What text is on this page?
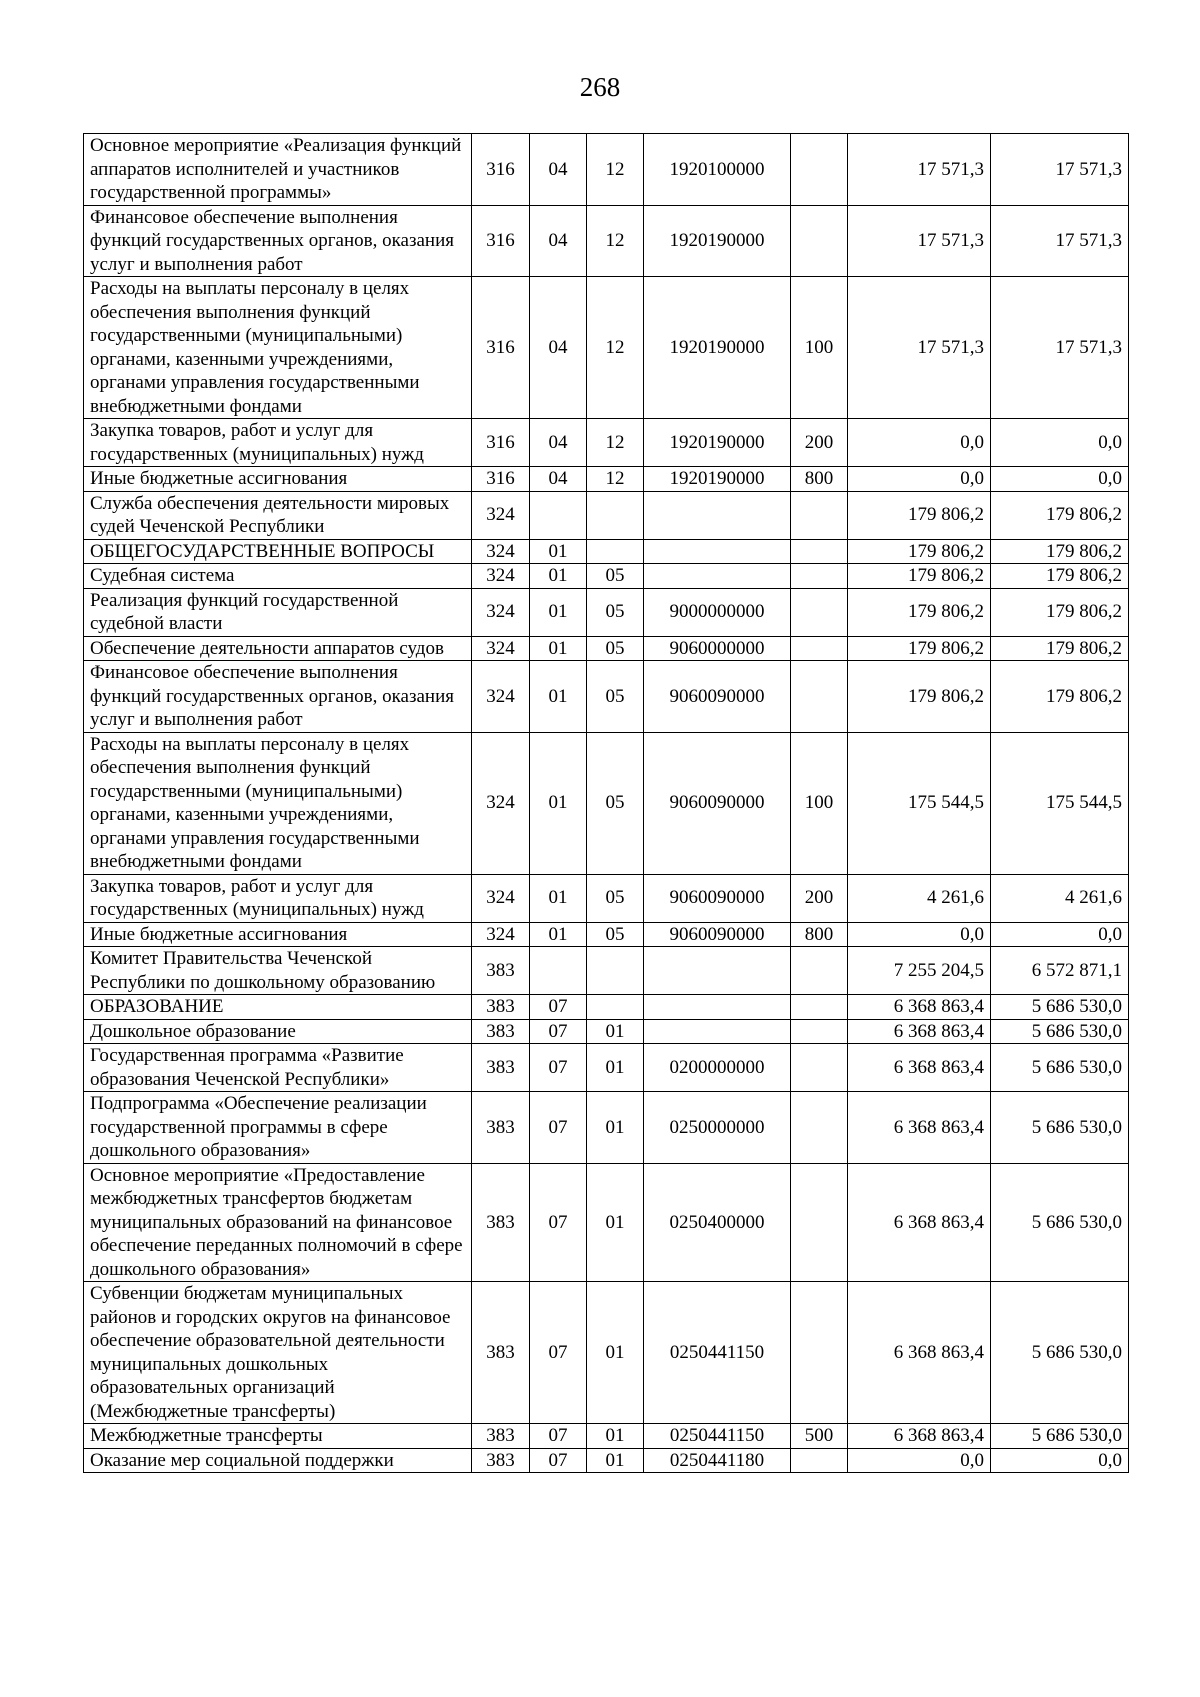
268
Основное мероприятие «Реализация функций аппаратов исполнителей и участников государственной программы»	316	04	12	1920100000		17 571,3	17 571,3
Финансовое обеспечение выполнения функций государственных органов, оказания услуг и выполнения работ	316	04	12	1920190000		17 571,3	17 571,3
Расходы на выплаты персоналу в целях обеспечения выполнения функций государственными (муниципальными) органами, казенными учреждениями, органами управления государственными внебюджетными фондами	316	04	12	1920190000	100	17 571,3	17 571,3
Закупка товаров, работ и услуг для государственных (муниципальных) нужд	316	04	12	1920190000	200	0,0	0,0
Иные бюджетные ассигнования	316	04	12	1920190000	800	0,0	0,0
Служба обеспечения деятельности мировых судей Чеченской Республики	324					179 806,2	179 806,2
ОБЩЕГОСУДАРСТВЕННЫЕ ВОПРОСЫ	324	01				179 806,2	179 806,2
Судебная система	324	01	05			179 806,2	179 806,2
Реализация функций государственной судебной власти	324	01	05	9000000000		179 806,2	179 806,2
Обеспечение деятельности аппаратов судов	324	01	05	9060000000		179 806,2	179 806,2
Финансовое обеспечение выполнения функций государственных органов, оказания услуг и выполнения работ	324	01	05	9060090000		179 806,2	179 806,2
Расходы на выплаты персоналу в целях обеспечения выполнения функций государственными (муниципальными) органами, казенными учреждениями, органами управления государственными внебюджетными фондами	324	01	05	9060090000	100	175 544,5	175 544,5
Закупка товаров, работ и услуг для государственных (муниципальных) нужд	324	01	05	9060090000	200	4 261,6	4 261,6
Иные бюджетные ассигнования	324	01	05	9060090000	800	0,0	0,0
Комитет Правительства Чеченской Республики по дошкольному образованию	383					7 255 204,5	6 572 871,1
ОБРАЗОВАНИЕ	383	07				6 368 863,4	5 686 530,0
Дошкольное образование	383	07	01			6 368 863,4	5 686 530,0
Государственная программа «Развитие образования Чеченской Республики»	383	07	01	0200000000		6 368 863,4	5 686 530,0
Подпрограмма «Обеспечение реализации государственной программы в сфере дошкольного образования»	383	07	01	0250000000		6 368 863,4	5 686 530,0
Основное мероприятие «Предоставление межбюджетных трансфертов бюджетам муниципальных образований на финансовое обеспечение переданных полномочий в сфере дошкольного образования»	383	07	01	0250400000		6 368 863,4	5 686 530,0
Субвенции бюджетам муниципальных районов и городских округов на финансовое обеспечение образовательной деятельности муниципальных дошкольных образовательных организаций (Межбюджетные трансферты)	383	07	01	0250441150		6 368 863,4	5 686 530,0
Межбюджетные трансферты	383	07	01	0250441150	500	6 368 863,4	5 686 530,0
Оказание мер социальной поддержки	383	07	01	0250441180		0,0	0,0
